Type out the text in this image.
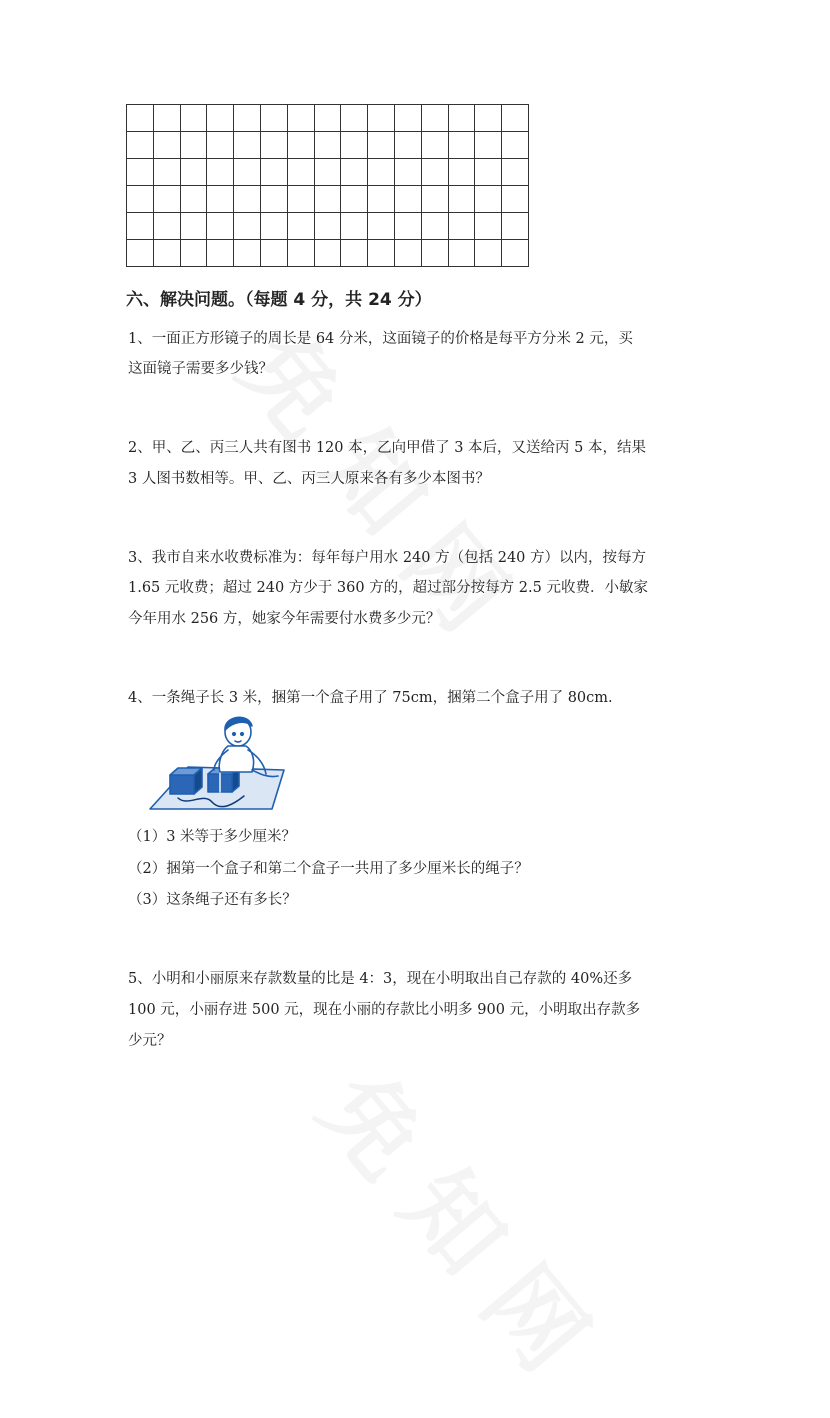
六、解决问题。（每题 4 分，共 24 分）

1、一面正方形镜子的周长是 64 分米，这面镜子的价格是每平方分米 2 元，买

这面镜子需要多少钱？

2、甲、乙、丙三人共有图书 120 本，乙向甲借了 3 本后，又送给丙 5 本，结果

3 人图书数相等。甲、乙、丙三人原来各有多少本图书？

3、我市自来水收费标准为：每年每户用水 240 方（包括 240 方）以内，按每方

1.65 元收费；超过 240 方少于 360 方的，超过部分按每方 2.5 元收费．小敏家

今年用水 256 方，她家今年需要付水费多少元？

4、一条绳子长 3 米，捆第一个盒子用了 75cm，捆第二个盒子用了 80cm.

（1）3 米等于多少厘米？

（2）捆第一个盒子和第二个盒子一共用了多少厘米长的绳子？

（3）这条绳子还有多长？

5、小明和小丽原来存款数量的比是 4：3，现在小明取出自己存款的 40%还多

100 元，小丽存进 500 元，现在小丽的存款比小明多 900 元，小明取出存款多

少元？
